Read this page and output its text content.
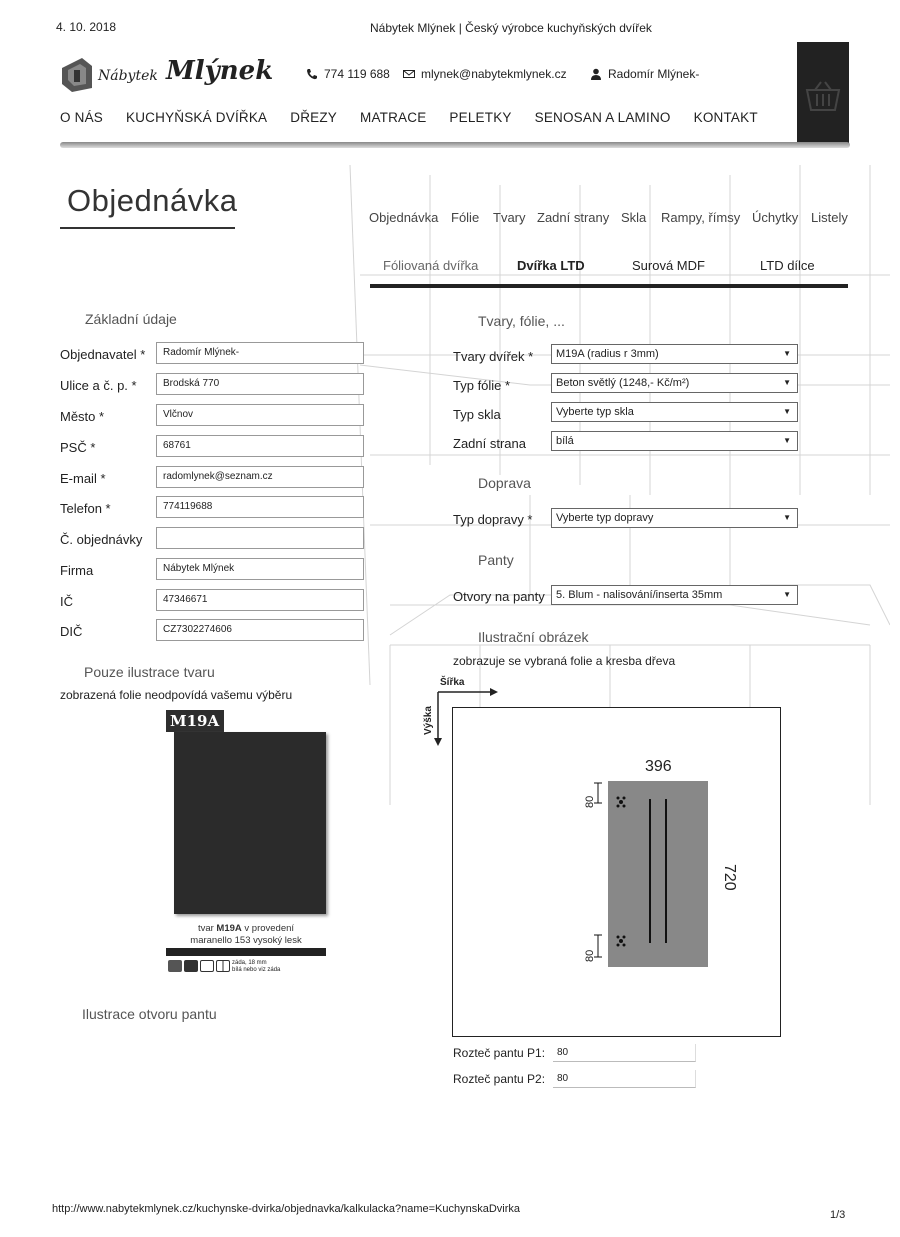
4. 10. 2018	Nábytek Mlýnek | Český výrobce kuchyňských dvířek
http://www.nabytekmlynek.cz/kuchynske-dvirka/objednavka/kalkulacka?name=KuchynskaDvirka	1/3
Nábytek Mlýnek	774 119 688	mlynek@nabytekmlynek.cz	Radomír Mlýnek-
O NÁS KUCHYŇSKÁ DVÍŘKA DŘEZY MATRACE PELETKY SENOSAN A LAMINO KONTAKT
Objednávka	Objednávka Fólie Tvary Zadní strany Skla Rampy, římsy Úchytky Listely
Fóliovaná dvířka	Dvířka LTD	Surová MDF	LTD dílce
Základní údaje
Objednavatel *	Radomír Mlýnek-
Ulice a č. p. *	Brodská 770
Město *	Vlčnov
PSČ *	68761
E-mail *	radomlynek@seznam.cz
Telefon *	774119688
Č. objednávky
Firma	Nábytek Mlýnek
IČ	47346671
DIČ	CZ7302274606
Tvary, fólie, ...
Tvary dvířek *	M19A (radius r 3mm)	▼
Typ fólie *	Beton světlý (1248,- Kč/m²)	▼
Typ skla	Vyberte typ skla	▼
Zadní strana	bílá	▼
Doprava
Typ dopravy *	Vyberte typ dopravy	▼
Panty
Otvory na panty	5. Blum - nalisování/inserta 35mm	▼
Pouze ilustrace tvaru
zobrazená folie neodpovídá vašemu výběru
M19A
tvar M19A v provedení
maranello 153 vysoký lesk
záda, 18 mm
bílá nebo viz záda
Ilustrace otvoru pantu
Ilustrační obrázek
zobrazuje se vybraná folie a kresba dřeva
Šířka
Výška
396
720
80
80
Rozteč pantu P1:	80
Rozteč pantu P2:	80
